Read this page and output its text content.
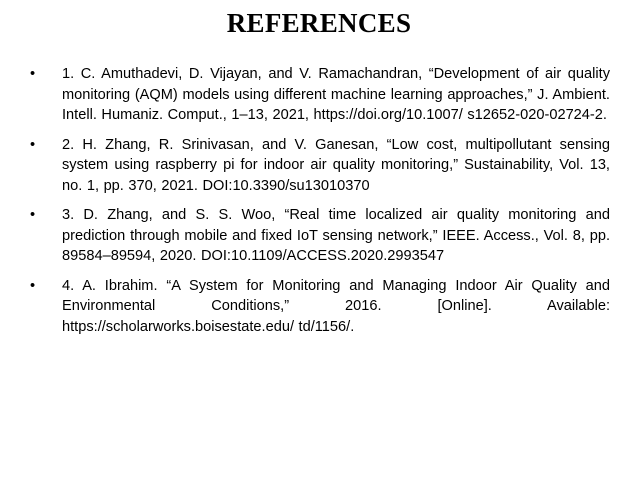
REFERENCES
• 1. C. Amuthadevi, D. Vijayan, and V. Ramachandran, “Development of air quality monitoring (AQM) models using different machine learning approaches,” J. Ambient. Intell. Humaniz. Comput., 1–13, 2021, https://doi.org/10.1007/ s12652-020-02724-2.
• 2. H. Zhang, R. Srinivasan, and V. Ganesan, “Low cost, multipollutant sensing system using raspberry pi for indoor air quality monitoring,” Sustainability, Vol. 13, no. 1, pp. 370, 2021. DOI:10.3390/su13010370
• 3. D. Zhang, and S. S. Woo, “Real time localized air quality monitoring and prediction through mobile and fixed IoT sensing network,” IEEE. Access., Vol. 8, pp. 89584–89594, 2020. DOI:10.1109/ACCESS.2020.2993547
• 4. A. Ibrahim. “A System for Monitoring and Managing Indoor Air Quality and Environmental Conditions,” 2016. [Online]. Available: https://scholarworks.boisestate.edu/ td/1156/.
